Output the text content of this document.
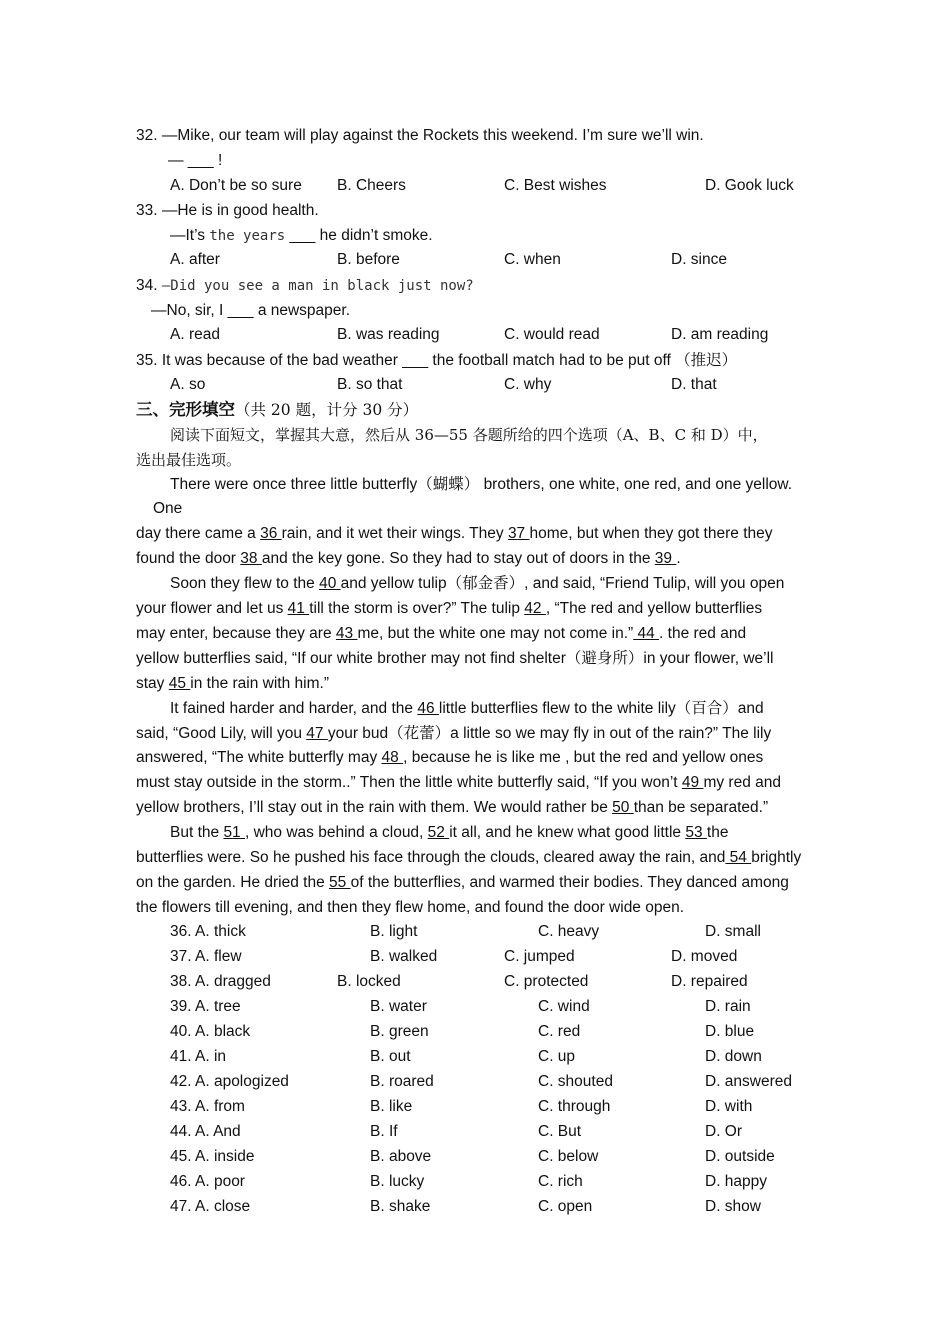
32. —Mike, our team will play against the Rockets this weekend. I’m sure we’ll win.
— ___ !
A. Don’t be so sure B. Cheers	C. Best wishes	D. Gook luck
33. —He is in good health.
—It’s the years ___ he didn’t smoke.
A. after	B. before	C. when	D. since
34. —Did you see a man in black just now?
—No, sir, I ___ a newspaper.
A. read	B. was reading	C. would read	D. am reading
35. It was because of the bad weather ___ the football match had to be put off （推迟）
A. so	B. so that	C. why	D. that
三、完形填空（共 20 题，计分 30 分）
阅读下面短文，掌握其大意，然后从 36—55 各题所给的四个选项（A、B、C 和 D）中，
选出最佳选项。
There were once three little butterfly（蝴蝶） brothers, one white, one red, and one yellow.
One
day there came a 36 rain, and it wet their wings. They 37 home, but when they got there they
found the door 38 and the key gone. So they had to stay out of doors in the 39 .
Soon they flew to the 40 and yellow tulip（郁金香）, and said, “Friend Tulip, will you open
your flower and let us 41 till the storm is over?” The tulip 42 , “The red and yellow butterflies
may enter, because they are 43 me, but the white one may not come in.” 44 . the red and
yellow butterflies said, “If our white brother may not find shelter（避身所）in your flower, we’ll
stay 45 in the rain with him.”
It fained harder and harder, and the 46 little butterflies flew to the white lily（百合）and
said, “Good Lily, will you 47 your bud（花蕾）a little so we may fly in out of the rain?” The lily
answered, “The white butterfly may 48 , because he is like me , but the red and yellow ones
must stay outside in the storm..” Then the little white butterfly said, “If you won’t 49 my red and
yellow brothers, I’ll stay out in the rain with them. We would rather be 50 than be separated.”
But the 51 , who was behind a cloud, 52 it all, and he knew what good little 53 the
butterflies were. So he pushed his face through the clouds, cleared away the rain, and 54 brightly
on the garden. He dried the 55 of the butterflies, and warmed their bodies. They danced among
the flowers till evening, and then they flew home, and found the door wide open.
36. A. thick	B. light	C. heavy	D. small
37. A. flew	B. walked	C. jumped	D. moved
38. A. dragged	B. locked	C. protected	D. repaired
39. A. tree	B. water	C. wind	D. rain
40. A. black	B. green	C. red	D. blue
41. A. in	B. out	C. up	D. down
42. A. apologized	B. roared	C. shouted	D. answered
43. A. from	B. like	C. through	D. with
44. A. And	B. If	C. But	D. Or
45. A. inside	B. above	C. below	D. outside
46. A. poor	B. lucky	C. rich	D. happy
47. A. close	B. shake	C. open	D. show
